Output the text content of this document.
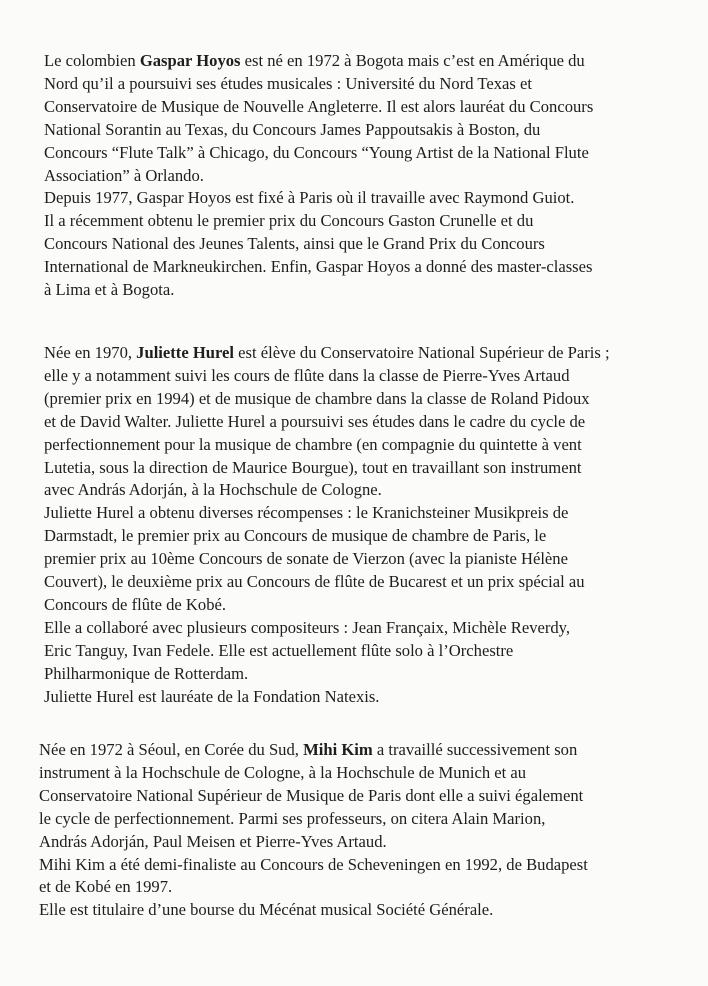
Le colombien Gaspar Hoyos est né en 1972 à Bogota mais c’est en Amérique du
Nord qu’il a poursuivi ses études musicales : Université du Nord Texas et
Conservatoire de Musique de Nouvelle Angleterre. Il est alors lauréat du Concours
National Sorantin au Texas, du Concours James Pappoutsakis à Boston, du
Concours “Flute Talk” à Chicago, du Concours “Young Artist de la National Flute
Association” à Orlando.
Depuis 1977, Gaspar Hoyos est fixé à Paris où il travaille avec Raymond Guiot.
Il a récemment obtenu le premier prix du Concours Gaston Crunelle et du
Concours National des Jeunes Talents, ainsi que le Grand Prix du Concours
International de Markneukirchen. Enfin, Gaspar Hoyos a donné des master-classes
à Lima et à Bogota.

Née en 1970, Juliette Hurel est élève du Conservatoire National Supérieur de Paris ;
elle y a notamment suivi les cours de flûte dans la classe de Pierre-Yves Artaud
(premier prix en 1994) et de musique de chambre dans la classe de Roland Pidoux
et de David Walter. Juliette Hurel a poursuivi ses études dans le cadre du cycle de
perfectionnement pour la musique de chambre (en compagnie du quintette à vent
Lutetia, sous la direction de Maurice Bourgue), tout en travaillant son instrument
avec András Adorján, à la Hochschule de Cologne.
Juliette Hurel a obtenu diverses récompenses : le Kranichsteiner Musikpreis de
Darmstadt, le premier prix au Concours de musique de chambre de Paris, le
premier prix au 10ème Concours de sonate de Vierzon (avec la pianiste Hélène
Couvert), le deuxième prix au Concours de flûte de Bucarest et un prix spécial au
Concours de flûte de Kobé.
Elle a collaboré avec plusieurs compositeurs : Jean Françaix, Michèle Reverdy,
Eric Tanguy, Ivan Fedele. Elle est actuellement flûte solo à l’Orchestre
Philharmonique de Rotterdam.
Juliette Hurel est lauréate de la Fondation Natexis.

Née en 1972 à Séoul, en Corée du Sud, Mihi Kim a travaillé successivement son
instrument à la Hochschule de Cologne, à la Hochschule de Munich et au
Conservatoire National Supérieur de Musique de Paris dont elle a suivi également
le cycle de perfectionnement. Parmi ses professeurs, on citera Alain Marion,
András Adorján, Paul Meisen et Pierre-Yves Artaud.
Mihi Kim a été demi-finaliste au Concours de Scheveningen en 1992, de Budapest
et de Kobé en 1997.
Elle est titulaire d’une bourse du Mécénat musical Société Générale.
